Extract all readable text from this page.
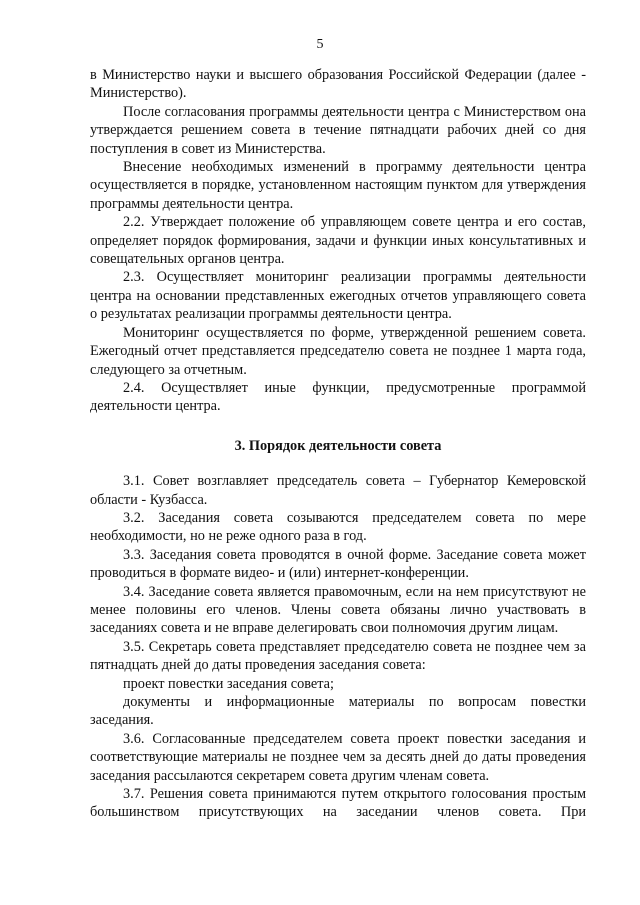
5

в Министерство науки и высшего образования Российской Федерации (далее - Министерство).

После согласования программы деятельности центра с Министерством она утверждается решением совета в течение пятнадцати рабочих дней со дня поступления в совет из Министерства.

Внесение необходимых изменений в программу деятельности центра осуществляется в порядке, установленном настоящим пунктом для утверждения программы деятельности центра.

2.2. Утверждает положение об управляющем совете центра и его состав, определяет порядок формирования, задачи и функции иных консультативных и совещательных органов центра.

2.3. Осуществляет мониторинг реализации программы деятельности центра на основании представленных ежегодных отчетов управляющего совета о результатах реализации программы деятельности центра.

Мониторинг осуществляется по форме, утвержденной решением совета. Ежегодный отчет представляется председателю совета не позднее 1 марта года, следующего за отчетным.

2.4. Осуществляет иные функции, предусмотренные программой деятельности центра.

3. Порядок деятельности совета

3.1. Совет возглавляет председатель совета – Губернатор Кемеровской области - Кузбасса.

3.2. Заседания совета созываются председателем совета по мере необходимости, но не реже одного раза в год.

3.3. Заседания совета проводятся в очной форме. Заседание совета может проводиться в формате видео- и (или) интернет-конференции.

3.4. Заседание совета является правомочным, если на нем присутствуют не менее половины его членов. Члены совета обязаны лично участвовать в заседаниях совета и не вправе делегировать свои полномочия другим лицам.

3.5. Секретарь совета представляет председателю совета не позднее чем за пятнадцать дней до даты проведения заседания совета:

проект повестки заседания совета;

документы и информационные материалы по вопросам повестки заседания.

3.6. Согласованные председателем совета проект повестки заседания и соответствующие материалы не позднее чем за десять дней до даты проведения заседания рассылаются секретарем совета другим членам совета.

3.7. Решения совета принимаются путем открытого голосования простым большинством присутствующих на заседании членов совета. При
